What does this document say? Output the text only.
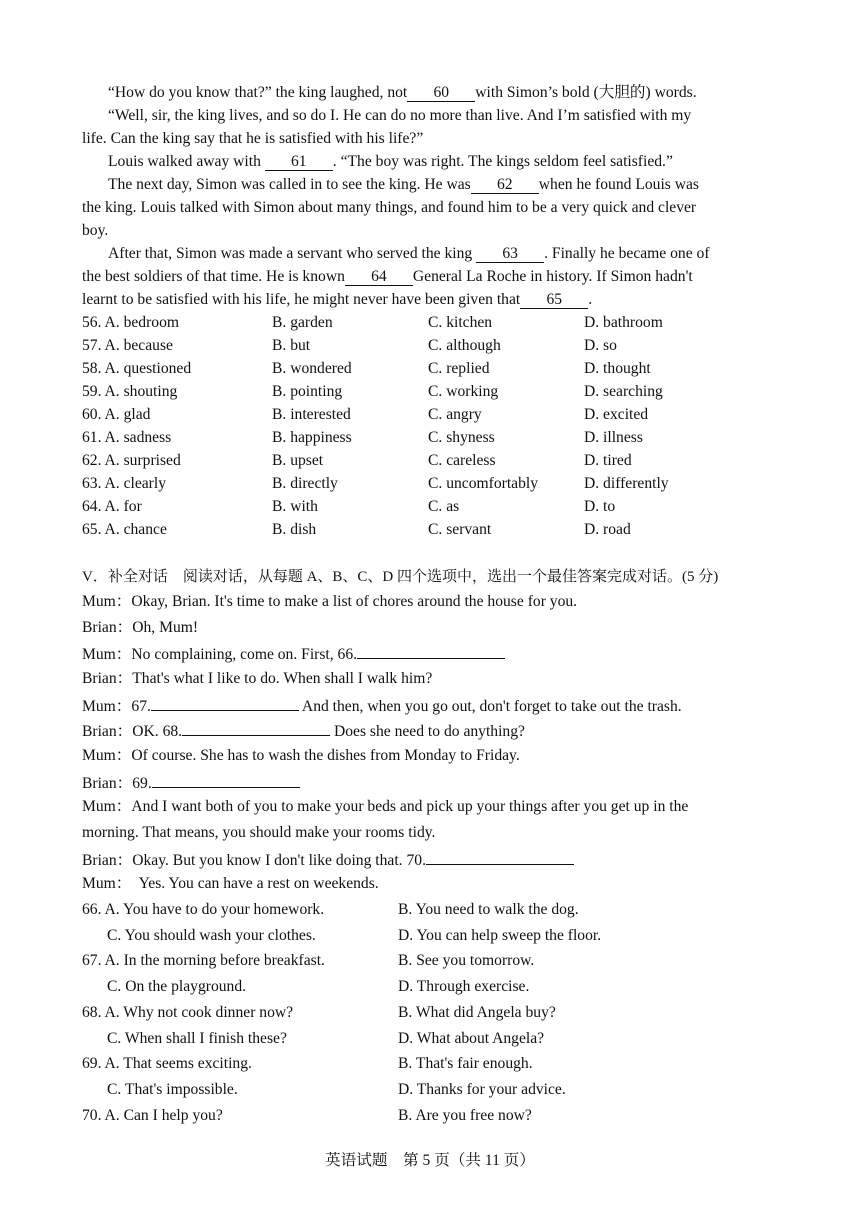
“How do you know that?” the king laughed, not 60 with Simon’s bold (大胆的) words.
“Well, sir, the king lives, and so do I. He can do no more than live. And I’m satisfied with my
life. Can the king say that he is satisfied with his life?”
Louis walked away with 61 . “The boy was right. The kings seldom feel satisfied.”
The next day, Simon was called in to see the king. He was 62 when he found Louis was
the king. Louis talked with Simon about many things, and found him to be a very quick and clever
boy.
After that, Simon was made a servant who served the king 63 . Finally he became one of
the best soldiers of that time. He is known 64 General La Roche in history. If Simon hadn't
learnt to be satisfied with his life, he might never have been given that 65 .
56. A. bedroom	B. garden	C. kitchen	D. bathroom
57. A. because	B. but	C. although	D. so
58. A. questioned	B. wondered	C. replied	D. thought
59. A. shouting	B. pointing	C. working	D. searching
60. A. glad	B. interested	C. angry	D. excited
61. A. sadness	B. happiness	C. shyness	D. illness
62. A. surprised	B. upset	C. careless	D. tired
63. A. clearly	B. directly	C. uncomfortably	D. differently
64. A. for	B. with	C. as	D. to
65. A. chance	B. dish	C. servant	D. road
V．补全对话　阅读对话，从每题 A、B、C、D 四个选项中，选出一个最佳答案完成对话。(5 分)
Mum：Okay, Brian. It's time to make a list of chores around the house for you.
Brian：Oh, Mum!
Mum：No complaining, come on. First, 66.
Brian：That's what I like to do. When shall I walk him?
Mum：67.	And then, when you go out, don't forget to take out the trash.
Brian：OK. 68.	Does she need to do anything?
Mum：Of course. She has to wash the dishes from Monday to Friday.
Brian：69.
Mum：And I want both of you to make your beds and pick up your things after you get up in the
morning. That means, you should make your rooms tidy.
Brian：Okay. But you know I don't like doing that. 70.
Mum：  Yes. You can have a rest on weekends.
66. A. You have to do your homework.	B. You need to walk the dog.
C. You should wash your clothes.	D. You can help sweep the floor.
67. A. In the morning before breakfast.	B. See you tomorrow.
C. On the playground.	D. Through exercise.
68. A. Why not cook dinner now?	B. What did Angela buy?
C. When shall I finish these?	D. What about Angela?
69. A. That seems exciting.	B. That's fair enough.
C. That's impossible.	D. Thanks for your advice.
70. A. Can I help you?	B. Are you free now?
英语试题　第 5 页（共 11 页）
